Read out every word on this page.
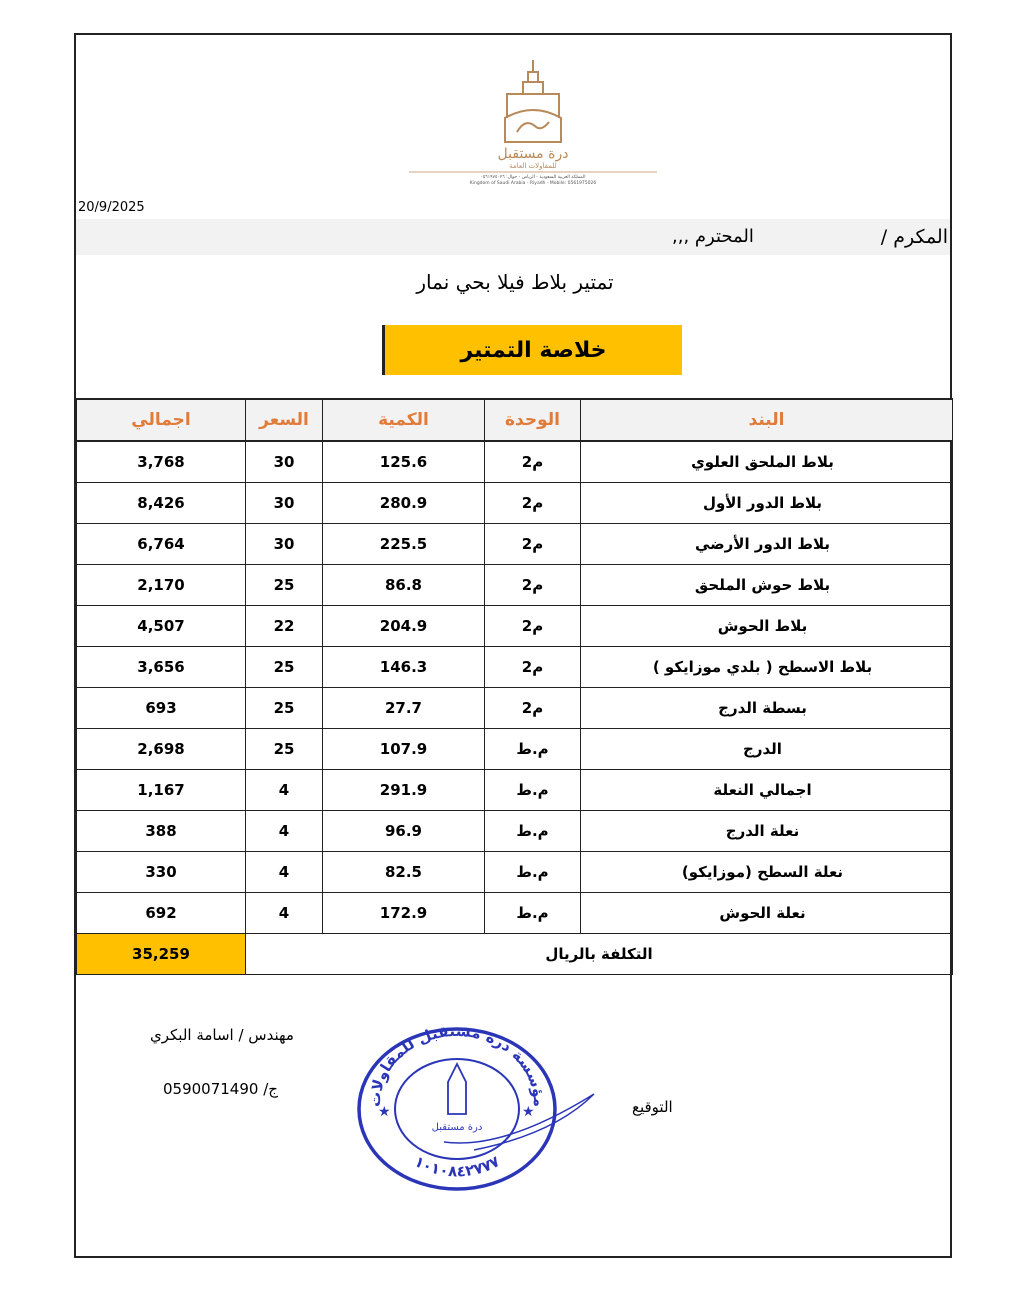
درة مستقبل
للمقاولات العامة
المملكة العربية السعودية - الرياض - جوال: ٠٥٦١٩٧٥٠٢٦
Kingdom of Saudi Arabia - Riyadh - Mobile: 0561975026
20/9/2025
المكرم /
المحترم ,,,
تمتير بلاط فيلا بحي نمار
خلاصة التمتير
البند	الوحدة	الكمية	السعر	اجمالي
بلاط الملحق العلوي	م2	125.6	30	3,768
بلاط الدور الأول	م2	280.9	30	8,426
بلاط الدور الأرضي	م2	225.5	30	6,764
بلاط حوش الملحق	م2	86.8	25	2,170
بلاط الحوش	م2	204.9	22	4,507
بلاط الاسطح ( بلدي موزايكو )	م2	146.3	25	3,656
بسطة الدرج	م2	27.7	25	693
الدرج	م.ط	107.9	25	2,698
اجمالي النعلة	م.ط	291.9	4	1,167
نعلة الدرج	م.ط	96.9	4	388
نعلة السطح (موزايكو)	م.ط	82.5	4	330
نعلة الحوش	م.ط	172.9	4	692
التكلفة بالريال				35,259
مهندس / اسامة البكري
ج/ 0590071490
التوقيع
مؤسسة درة مستقبل للمقاولات
١٠١٠٨٤٢٧٧٧
درة مستقبل
★	★
